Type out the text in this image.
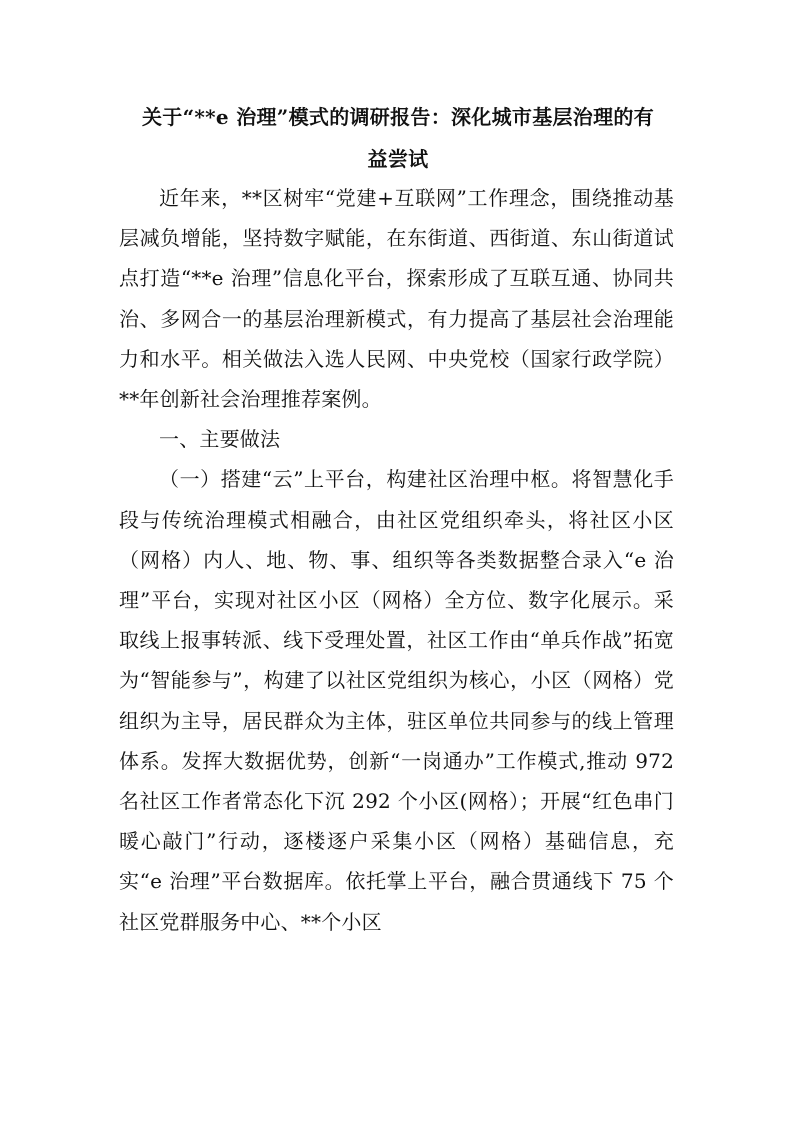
关于“**e 治理”模式的调研报告：深化城市基层治理的有
益尝试

近年来，**区树牢“党建+互联网”工作理念，围绕推动基层减负增能，坚持数字赋能，在东街道、西街道、东山街道试点打造“**e 治理”信息化平台，探索形成了互联互通、协同共治、多网合一的基层治理新模式，有力提高了基层社会治理能力和水平。相关做法入选人民网、中央党校（国家行政学院）**年创新社会治理推荐案例。

一、主要做法

（一）搭建“云”上平台，构建社区治理中枢。将智慧化手段与传统治理模式相融合，由社区党组织牵头，将社区小区（网格）内人、地、物、事、组织等各类数据整合录入“e 治理”平台，实现对社区小区（网格）全方位、数字化展示。采取线上报事转派、线下受理处置，社区工作由“单兵作战”拓宽为“智能参与”，构建了以社区党组织为核心，小区（网格）党组织为主导，居民群众为主体，驻区单位共同参与的线上管理体系。发挥大数据优势，创新“一岗通办”工作模式,推动 972 名社区工作者常态化下沉 292 个小区(网格）；开展“红色串门 暖心敲门”行动，逐楼逐户采集小区（网格）基础信息，充实“e 治理”平台数据库。依托掌上平台，融合贯通线下 75 个社区党群服务中心、**个小区
